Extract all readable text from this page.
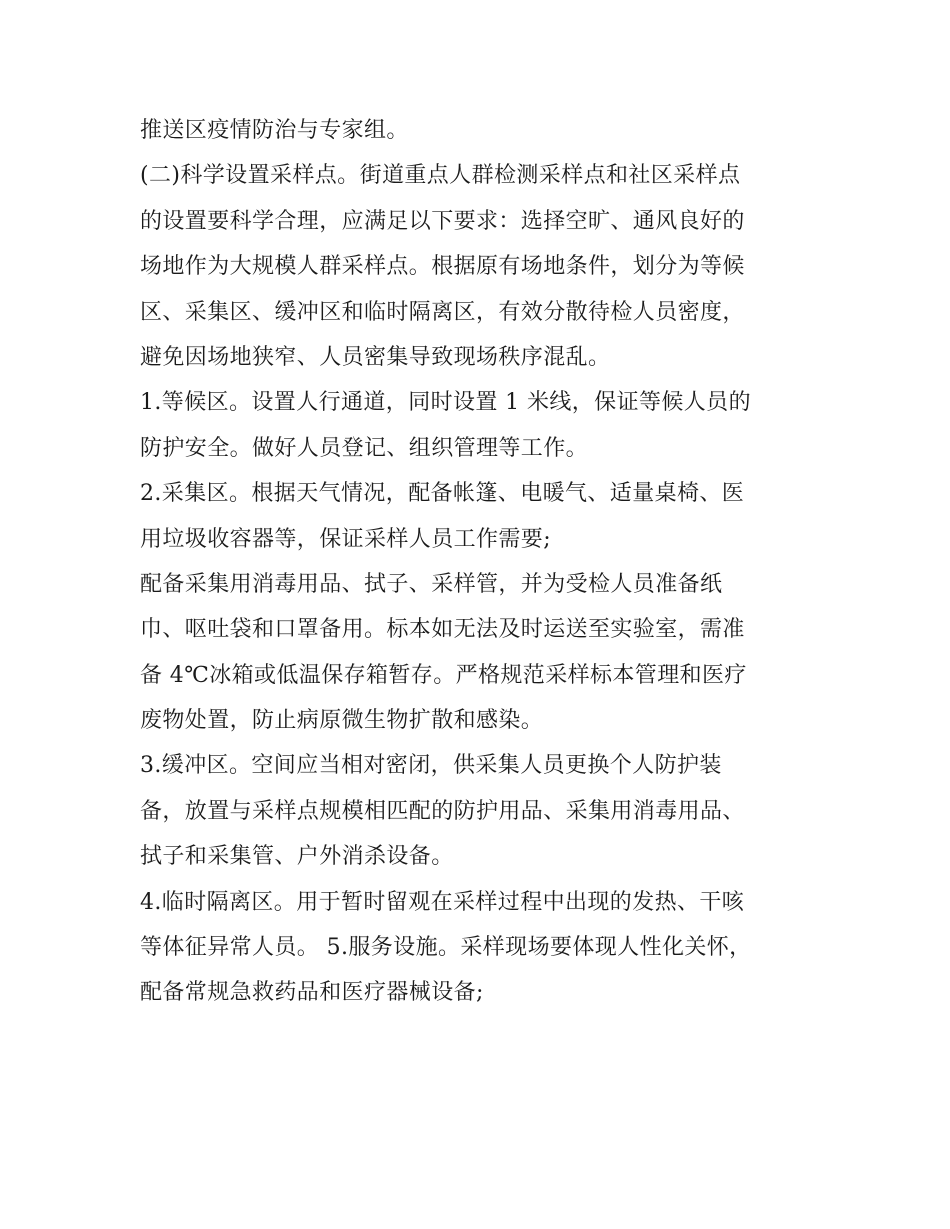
推送区疫情防治与专家组。
(二)科学设置采样点。街道重点人群检测采样点和社区采样点
的设置要科学合理，应满足以下要求：选择空旷、通风良好的
场地作为大规模人群采样点。根据原有场地条件，划分为等候
区、采集区、缓冲区和临时隔离区，有效分散待检人员密度，
避免因场地狭窄、人员密集导致现场秩序混乱。
1.等候区。设置人行通道，同时设置 1 米线，保证等候人员的
防护安全。做好人员登记、组织管理等工作。
2.采集区。根据天气情况，配备帐篷、电暖气、适量桌椅、医
用垃圾收容器等，保证采样人员工作需要;
配备采集用消毒用品、拭子、采样管，并为受检人员准备纸
巾、呕吐袋和口罩备用。标本如无法及时运送至实验室，需准
备 4℃冰箱或低温保存箱暂存。严格规范采样标本管理和医疗
废物处置，防止病原微生物扩散和感染。
3.缓冲区。空间应当相对密闭，供采集人员更换个人防护装
备，放置与采样点规模相匹配的防护用品、采集用消毒用品、
拭子和采集管、户外消杀设备。
4.临时隔离区。用于暂时留观在采样过程中出现的发热、干咳
等体征异常人员。 5.服务设施。采样现场要体现人性化关怀，
配备常规急救药品和医疗器械设备;
